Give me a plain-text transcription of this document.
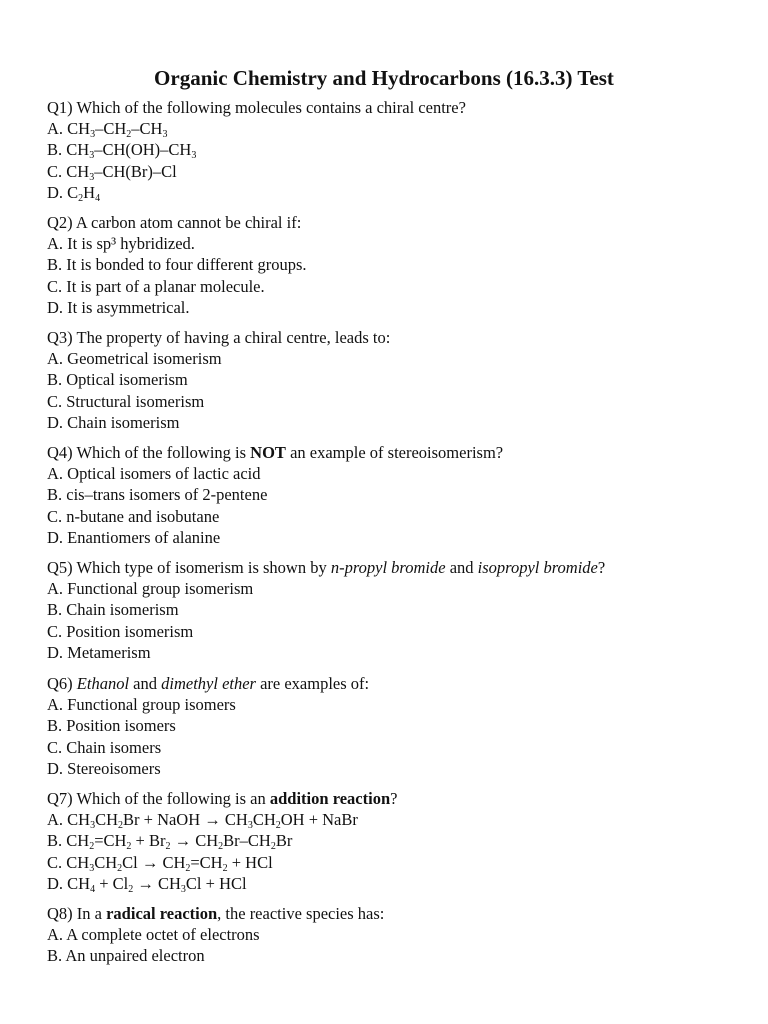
Organic Chemistry and Hydrocarbons (16.3.3) Test
Q1) Which of the following molecules contains a chiral centre?
A. $CH_3-CH_2-CH_3$
B. $CH_3-CH(OH)-CH_3$
C. $CH_3-CH(Br)-Cl$
D. $C_2H_4$
Q2) A carbon atom cannot be chiral if:
A. It is sp³ hybridized.
B. It is bonded to four different groups.
C. It is part of a planar molecule.
D. It is asymmetrical.
Q3) The property of having a chiral centre, leads to:
A. Geometrical isomerism
B. Optical isomerism
C. Structural isomerism
D. Chain isomerism
Q4) Which of the following is NOT an example of stereoisomerism?
A. Optical isomers of lactic acid
B. cis–trans isomers of 2-pentene
C. n-butane and isobutane
D. Enantiomers of alanine
Q5) Which type of isomerism is shown by n-propyl bromide and isopropyl bromide?
A. Functional group isomerism
B. Chain isomerism
C. Position isomerism
D. Metamerism
Q6) Ethanol and dimethyl ether are examples of:
A. Functional group isomers
B. Position isomers
C. Chain isomers
D. Stereoisomers
Q7) Which of the following is an addition reaction?
A. $CH_3CH_2Br$ + NaOH → $CH_3CH_2OH$ + NaBr
B. $CH_2=CH_2 + Br_2 \to CH_2Br-CH_2Br$
C. $CH_3CH_2Cl \to CH_2=CH_2$ + HCl
D. $CH_4 + Cl_2 \to CH_3Cl$ + HCl
Q8) In a radical reaction, the reactive species has:
A. A complete octet of electrons
B. An unpaired electron
